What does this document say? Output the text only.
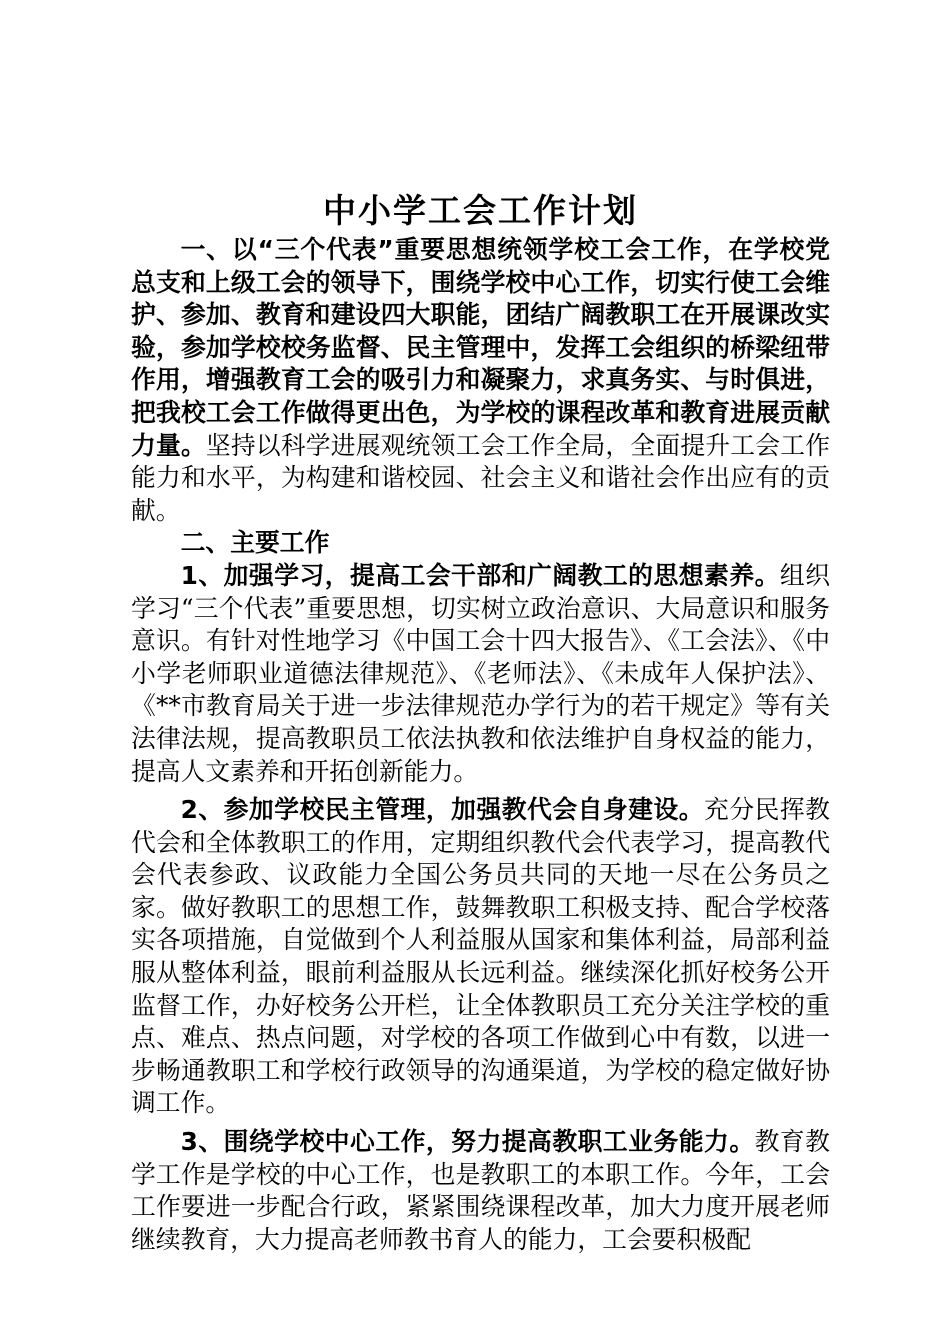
中小学工会工作计划

一、以“三个代表”重要思想统领学校工会工作，在学校党总支和上级工会的领导下，围绕学校中心工作，切实行使工会维护、参加、教育和建设四大职能，团结广阔教职工在开展课改实验，参加学校校务监督、民主管理中，发挥工会组织的桥梁纽带作用，增强教育工会的吸引力和凝聚力，求真务实、与时俱进，把我校工会工作做得更出色，为学校的课程改革和教育进展贡献力量。坚持以科学进展观统领工会工作全局，全面提升工会工作能力和水平，为构建和谐校园、社会主义和谐社会作出应有的贡献。

二、主要工作

1、加强学习，提高工会干部和广阔教工的思想素养。组织学习“三个代表”重要思想，切实树立政治意识、大局意识和服务意识。有针对性地学习《中国工会十四大报告》、《工会法》、《中小学老师职业道德法律规范》、《老师法》、《未成年人保护法》、《**市教育局关于进一步法律规范办学行为的若干规定》等有关法律法规，提高教职员工依法执教和依法维护自身权益的能力，提高人文素养和开拓创新能力。

2、参加学校民主管理，加强教代会自身建设。充分民挥教代会和全体教职工的作用，定期组织教代会代表学习，提高教代会代表参政、议政能力全国公务员共同的天地一尽在公务员之家。做好教职工的思想工作，鼓舞教职工积极支持、配合学校落实各项措施，自觉做到个人利益服从国家和集体利益，局部利益服从整体利益，眼前利益服从长远利益。继续深化抓好校务公开监督工作，办好校务公开栏，让全体教职员工充分关注学校的重点、难点、热点问题，对学校的各项工作做到心中有数，以进一步畅通教职工和学校行政领导的沟通渠道，为学校的稳定做好协调工作。

3、围绕学校中心工作，努力提高教职工业务能力。教育教学工作是学校的中心工作，也是教职工的本职工作。今年，工会工作要进一步配合行政，紧紧围绕课程改革，加大力度开展老师继续教育，大力提高老师教书育人的能力，工会要积极配
